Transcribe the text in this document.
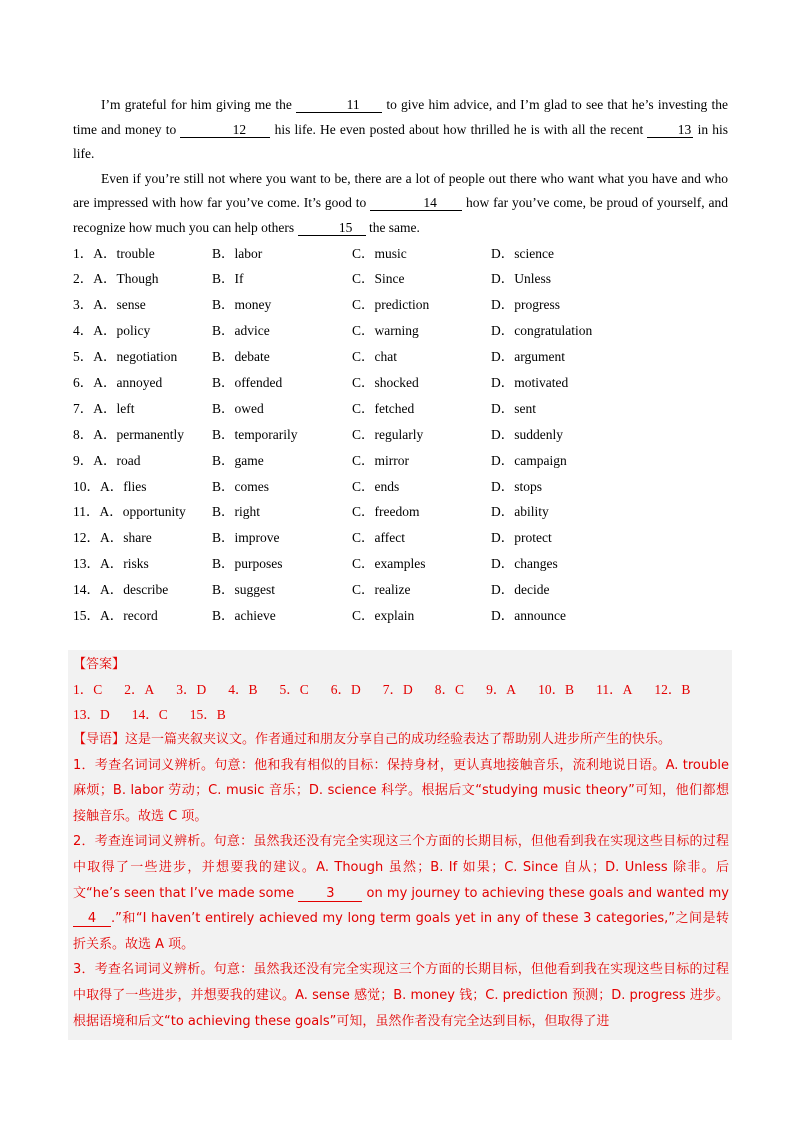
I’m grateful for him giving me the	11 to give him advice, and I’m glad to see that he’s investing the time and money to	12 his life. He even posted about how thrilled he is with all the recent	13 in his life.

Even if you’re still not where you want to be, there are a lot of people out there who want what you have and who are impressed with how far you’ve come. It’s good to	14 how far you’ve come, be proud of yourself, and recognize how much you can help others	15 the same.

1．A．trouble	B．labor	C．music	D．science
2．A．Though	B．If	C．Since	D．Unless
3．A．sense	B．money	C．prediction	D．progress
4．A．policy	B．advice	C．warning	D．congratulation
5．A．negotiation	B．debate	C．chat	D．argument
6．A．annoyed	B．offended	C．shocked	D．motivated
7．A．left	B．owed	C．fetched	D．sent
8．A．permanently	B．temporarily	C．regularly	D．suddenly
9．A．road	B．game	C．mirror	D．campaign
10．A．flies	B．comes	C．ends	D．stops
11．A．opportunity	B．right	C．freedom	D．ability
12．A．share	B．improve	C．affect	D．protect
13．A．risks	B．purposes	C．examples	D．changes
14．A．describe	B．suggest	C．realize	D．decide
15．A．record	B．achieve	C．explain	D．announce
【答案】
1．C 2．A 3．D 4．B 5．C 6．D 7．D 8．C 9．A 10．B 11．A 12．B
13．D 14．C 15．B

【导语】这是一篇夹叙夹议文。作者通过和朋友分享自己的成功经验表达了帮助别人进步所产生的快乐。

1．考查名词词义辨析。句意：他和我有相似的目标：保持身材，更认真地接触音乐，流利地说日语。A. trouble 麻烦；B. labor 劳动；C. music 音乐；D. science 科学。根据后文“studying music theory”可知，他们都想接触音乐。故选 C 项。

2．考查连词词义辨析。句意：虽然我还没有完全实现这三个方面的长期目标，但他看到我在实现这些目标的过程中取得了一些进步，并想要我的建议。A. Though 虽然；B. If 如果；C. Since 自从；D. Unless 除非。后文“he’s seen that I’ve made some 3 on my journey to achieving these goals and wanted my 4 .”和“I haven’t entirely achieved my long term goals yet in any of these 3 categories,”之间是转折关系。故选 A 项。

3．考查名词词义辨析。句意：虽然我还没有完全实现这三个方面的长期目标，但他看到我在实现这些目标的过程中取得了一些进步，并想要我的建议。A. sense 感觉；B. money 钱；C. prediction 预测；D. progress 进步。根据语境和后文“to achieving these goals”可知，虽然作者没有完全达到目标，但取得了进
